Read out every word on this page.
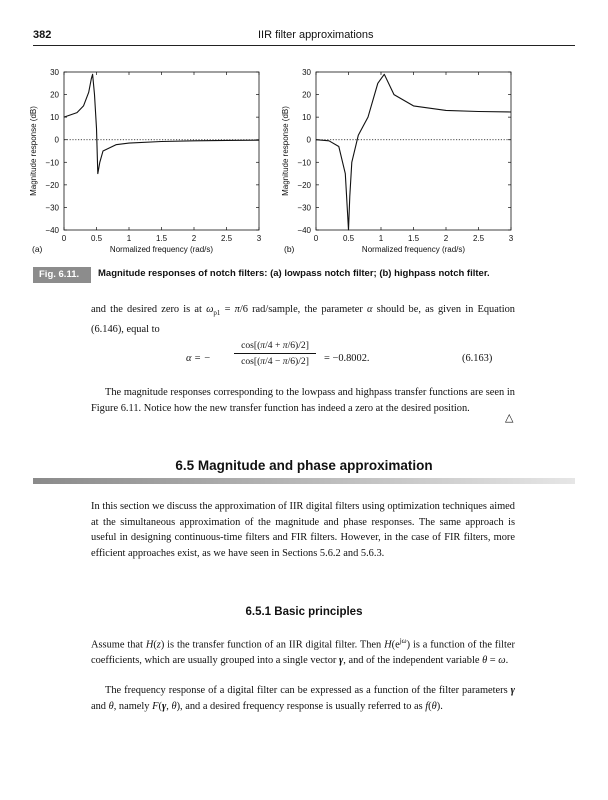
382	IIR filter approximations
30
20
10
0
−10
−20
−30
−40
0	0.5	1	1.5	2	2.5	3
Normalized frequency (rad/s)
Magnitude response (dB)
(a)
30
20
10
0
−10
−20
−30
−40
0	0.5	1	1.5	2	2.5	3
Normalized frequency (rad/s)
Magnitude response (dB)
(b)
Fig. 6.11.	Magnitude responses of notch filters: (a) lowpass notch filter; (b) highpass notch filter.
and the desired zero is at $\omega_{p1} = \pi/6$ rad/sample, the parameter α should be, as given in Equation (6.146), equal to
α = −
cos[(π/4 + π/6)/2]
cos[(π/4 − π/6)/2]	= −0.8002.	(6.163)
The magnitude responses corresponding to the lowpass and highpass transfer functions are seen in Figure 6.11. Notice how the new transfer function has indeed a zero at the desired position.
△
6.5 Magnitude and phase approximation
In this section we discuss the approximation of IIR digital filters using optimization techniques aimed at the simultaneous approximation of the magnitude and phase responses. The same approach is useful in designing continuous-time filters and FIR filters. However, in the case of FIR filters, more efficient approaches exist, as we have seen in Sections 5.6.2 and 5.6.3.
6.5.1 Basic principles
Assume that H(z) is the transfer function of an IIR digital filter. Then $H(e^{j\omega})$ is a function of the filter coefficients, which are usually grouped into a single vector γ, and of the independent variable θ = ω.
The frequency response of a digital filter can be expressed as a function of the filter parameters γ and θ, namely F(γ, θ), and a desired frequency response is usually referred to as f(θ).
